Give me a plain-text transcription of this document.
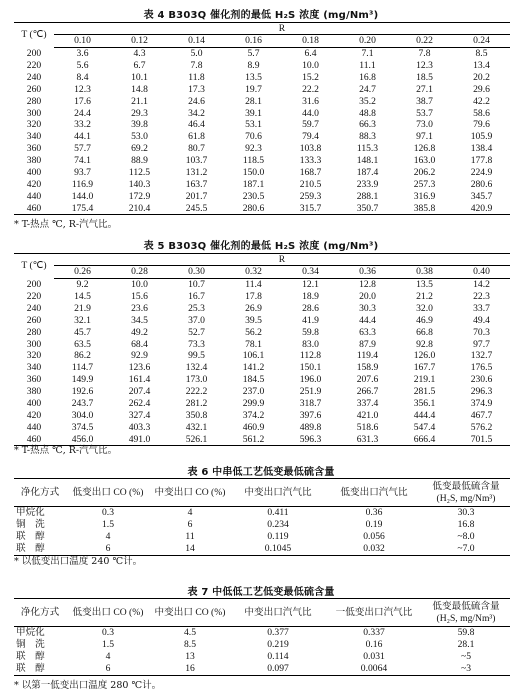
表 4 B303Q 催化剂的最低 H₂S 浓度 (mg/Nm³)
T (℃)	R							
	0.10	0.12	0.14	0.16	0.18	0.20	0.22	0.24
200	3.6	4.3	5.0	5.7	6.4	7.1	7.8	8.5
220	5.6	6.7	7.8	8.9	10.0	11.1	12.3	13.4
240	8.4	10.1	11.8	13.5	15.2	16.8	18.5	20.2
260	12.3	14.8	17.3	19.7	22.2	24.7	27.1	29.6
280	17.6	21.1	24.6	28.1	31.6	35.2	38.7	42.2
300	24.4	29.3	34.2	39.1	44.0	48.8	53.7	58.6
320	33.2	39.8	46.4	53.1	59.7	66.3	73.0	79.6
340	44.1	53.0	61.8	70.6	79.4	88.3	97.1	105.9
360	57.7	69.2	80.7	92.3	103.8	115.3	126.8	138.4
380	74.1	88.9	103.7	118.5	133.3	148.1	163.0	177.8
400	93.7	112.5	131.2	150.0	168.7	187.4	206.2	224.9
420	116.9	140.3	163.7	187.1	210.5	233.9	257.3	280.6
440	144.0	172.9	201.7	230.5	259.3	288.1	316.9	345.7
460	175.4	210.4	245.5	280.6	315.7	350.7	385.8	420.9
* T-热点 ℃, R-汽气比。
表 5 B303Q 催化剂的最低 H₂S 浓度 (mg/Nm³)
T (℃)	R							
	0.26	0.28	0.30	0.32	0.34	0.36	0.38	0.40
200	9.2	10.0	10.7	11.4	12.1	12.8	13.5	14.2
220	14.5	15.6	16.7	17.8	18.9	20.0	21.2	22.3
240	21.9	23.6	25.3	26.9	28.6	30.3	32.0	33.7
260	32.1	34.5	37.0	39.5	41.9	44.4	46.9	49.4
280	45.7	49.2	52.7	56.2	59.8	63.3	66.8	70.3
300	63.5	68.4	73.3	78.1	83.0	87.9	92.8	97.7
320	86.2	92.9	99.5	106.1	112.8	119.4	126.0	132.7
340	114.7	123.6	132.4	141.2	150.1	158.9	167.7	176.5
360	149.9	161.4	173.0	184.5	196.0	207.6	219.1	230.6
380	192.6	207.4	222.2	237.0	251.9	266.7	281.5	296.3
400	243.7	262.4	281.2	299.9	318.7	337.4	356.1	374.9
420	304.0	327.4	350.8	374.2	397.6	421.0	444.4	467.7
440	374.5	403.3	432.1	460.9	489.8	518.6	547.4	576.2
460	456.0	491.0	526.1	561.2	596.3	631.3	666.4	701.5
* T-热点 ℃, R-汽气比。
表 6 中串低工艺低变最低硫含量
净化方式	低变出口 CO (%)	中变出口 CO (%)	中变出口汽气比	低变出口汽气比	低变最低硫含量 (H₂S, mg/Nm³)
甲烷化	0.3	4	0.411	0.36	30.3
铜　洗	1.5	6	0.234	0.19	16.8
联　醇	4	11	0.119	0.056	~8.0
联　醇	6	14	0.1045	0.032	~7.0
* 以低变出口温度 240 ℃计。
表 7 中低低工艺低变最低硫含量
净化方式	低变出口 CO (%)	中变出口 CO (%)	中变出口汽气比	一低变出口汽气比	低变最低硫含量 (H₂S, mg/Nm³)
甲烷化	0.3	4.5	0.377	0.337	59.8
铜　洗	1.5	8.5	0.219	0.16	28.1
联　醇	4	13	0.114	0.031	~5
联　醇	6	16	0.097	0.0064	~3
* 以第一低变出口温度 280 ℃计。
